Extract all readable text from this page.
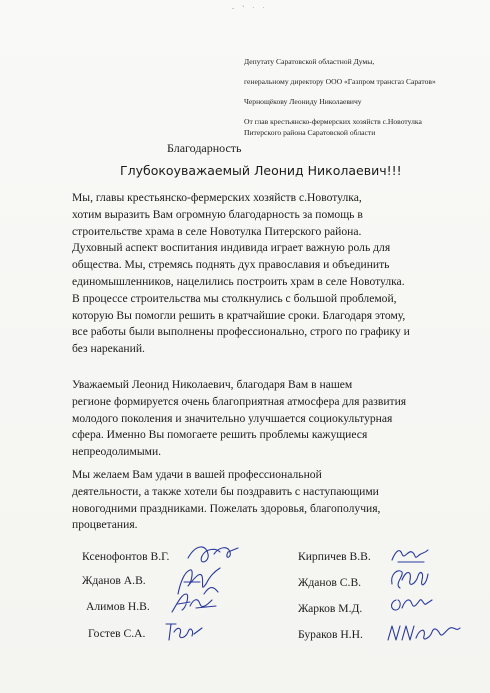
- ʻ · ·
Депутату Саратовской областной Думы,
генеральному директору ООО «Газпром трансгаз Саратов»
Чернощёкову Леониду Николаевичу
От глав крестьянско-фермерских хозяйств с.Новотулка
Питерского района Саратовской области
Благодарность
Глубокоуважаемый Леонид Николаевич!!!
Мы, главы крестьянско-фермерских хозяйств с.Новотулка,
хотим выразить Вам огромную благодарность за помощь в
строительстве храма в селе Новотулка Питерского района.
Духовный аспект воспитания индивида играет важную роль для
общества. Мы, стремясь поднять дух православия и объединить
единомышленников, нацелились построить храм в селе Новотулка.
В процессе строительства мы столкнулись с большой проблемой,
которую Вы помогли решить в кратчайшие сроки. Благодаря этому,
все работы были выполнены профессионально, строго по графику и
без нареканий.
Уважаемый Леонид Николаевич, благодаря Вам в нашем
регионе формируется очень благоприятная атмосфера для развития
молодого поколения и значительно улучшается социокультурная
сфера. Именно Вы помогаете решить проблемы кажущиеся
непреодолимыми.
Мы желаем Вам удачи в вашей профессиональной
деятельности, а также хотели бы поздравить с наступающими
новогодними праздниками. Пожелать здоровья, благополучия,
процветания.
Ксенофонтов В.Г.
Жданов А.В.
Алимов Н.В.
Гостев С.А.
Кирпичев В.В.
Жданов С.В.
Жарков М.Д.
Бураков Н.Н.
